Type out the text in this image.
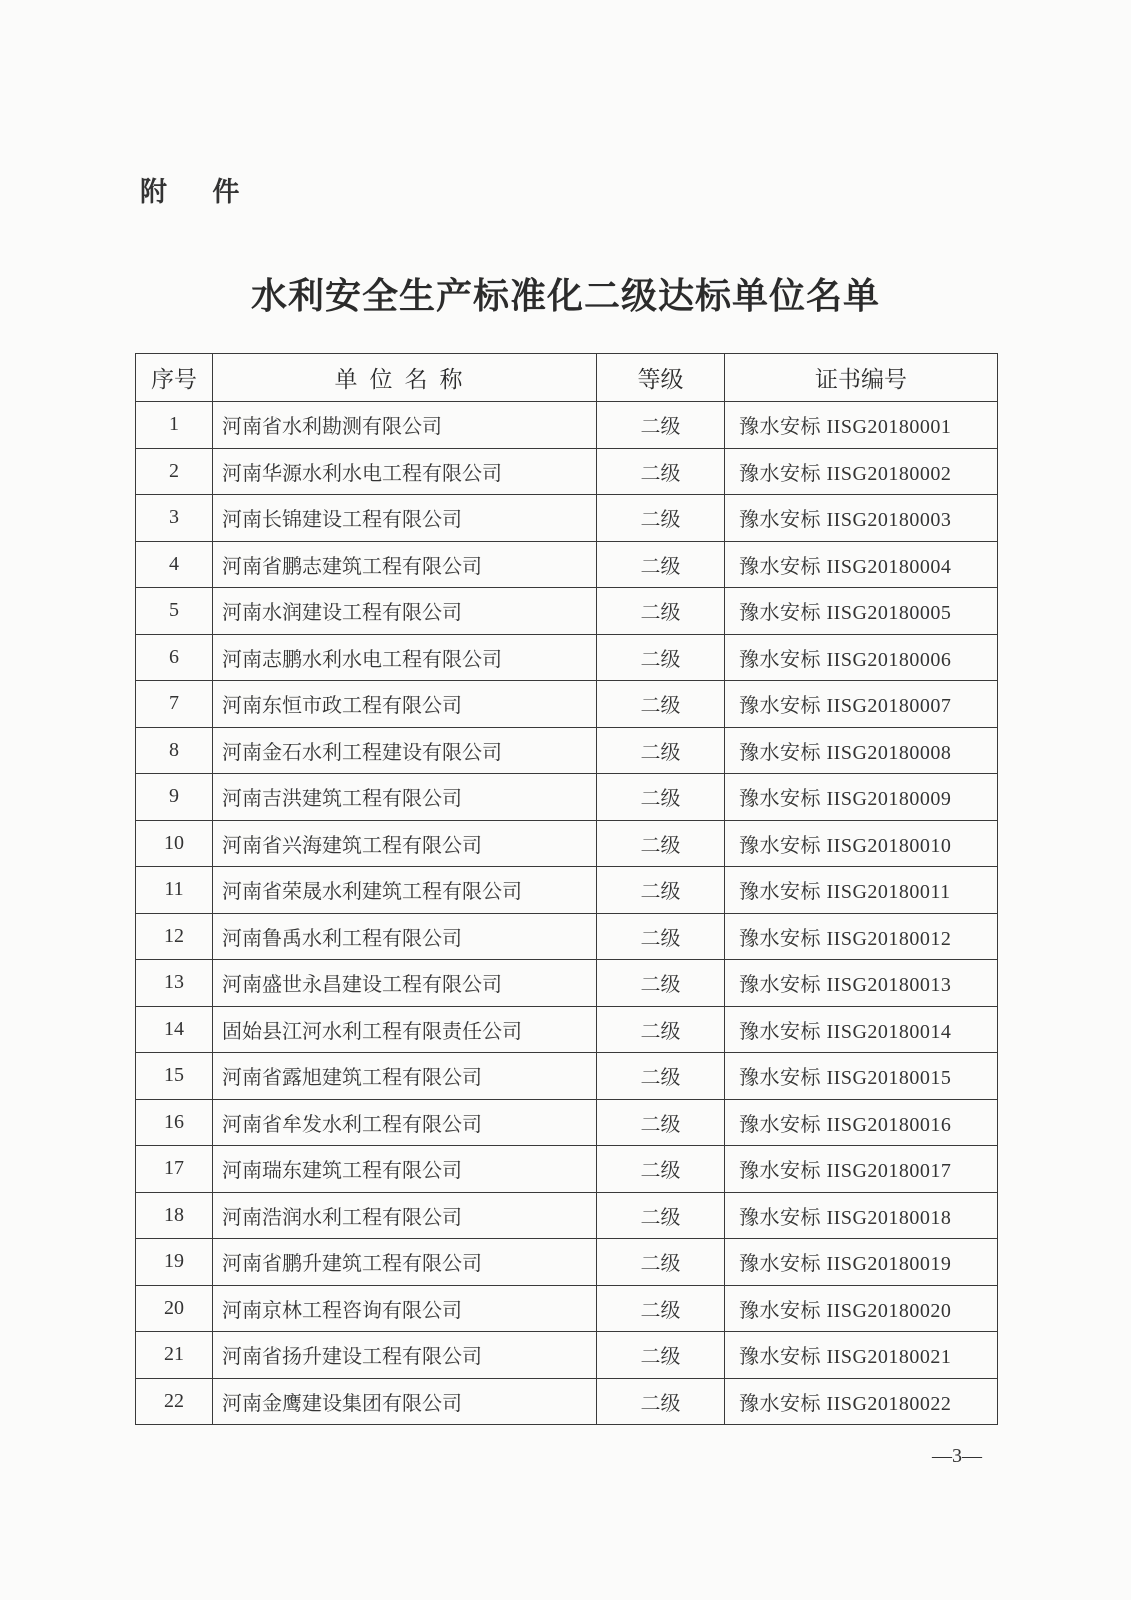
附 件
水利安全生产标准化二级达标单位名单
序号	单位名称	等级	证书编号
1	河南省水利勘测有限公司	二级	豫水安标 IISG20180001
2	河南华源水利水电工程有限公司	二级	豫水安标 IISG20180002
3	河南长锦建设工程有限公司	二级	豫水安标 IISG20180003
4	河南省鹏志建筑工程有限公司	二级	豫水安标 IISG20180004
5	河南水润建设工程有限公司	二级	豫水安标 IISG20180005
6	河南志鹏水利水电工程有限公司	二级	豫水安标 IISG20180006
7	河南东恒市政工程有限公司	二级	豫水安标 IISG20180007
8	河南金石水利工程建设有限公司	二级	豫水安标 IISG20180008
9	河南吉洪建筑工程有限公司	二级	豫水安标 IISG20180009
10	河南省兴海建筑工程有限公司	二级	豫水安标 IISG20180010
11	河南省荣晟水利建筑工程有限公司	二级	豫水安标 IISG20180011
12	河南鲁禹水利工程有限公司	二级	豫水安标 IISG20180012
13	河南盛世永昌建设工程有限公司	二级	豫水安标 IISG20180013
14	固始县江河水利工程有限责任公司	二级	豫水安标 IISG20180014
15	河南省露旭建筑工程有限公司	二级	豫水安标 IISG20180015
16	河南省牟发水利工程有限公司	二级	豫水安标 IISG20180016
17	河南瑞东建筑工程有限公司	二级	豫水安标 IISG20180017
18	河南浩润水利工程有限公司	二级	豫水安标 IISG20180018
19	河南省鹏升建筑工程有限公司	二级	豫水安标 IISG20180019
20	河南京林工程咨询有限公司	二级	豫水安标 IISG20180020
21	河南省扬升建设工程有限公司	二级	豫水安标 IISG20180021
22	河南金鹰建设集团有限公司	二级	豫水安标 IISG20180022
—3—
